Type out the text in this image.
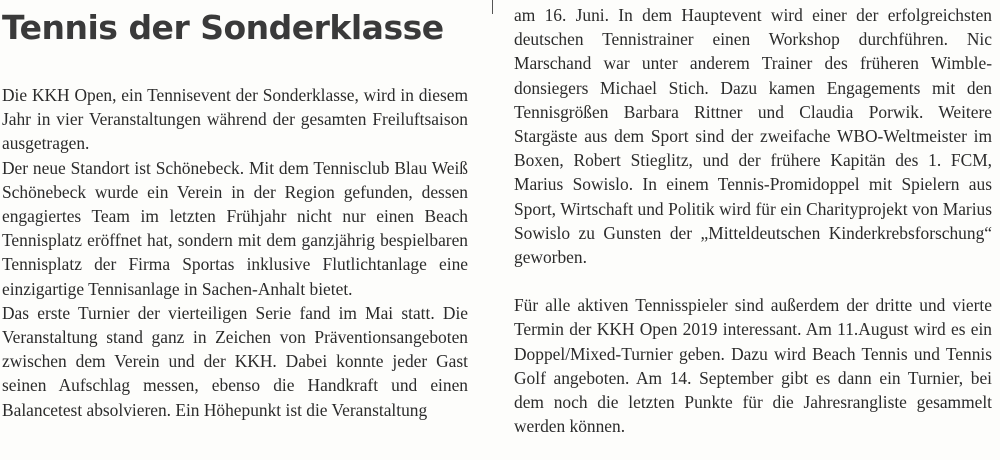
Tennis der Sonderklasse

Die KKH Open, ein Tennisevent der Sonderklasse, wird in diesem Jahr in vier Veranstaltungen während der gesamten Freiluftsaison ausgetragen.

Der neue Standort ist Schönebeck. Mit dem Tennisclub Blau Weiß Schönebeck wurde ein Verein in der Region gefunden, dessen engagiertes Team im letzten Frühjahr nicht nur einen Beach Tennisplatz eröffnet hat, sondern mit dem ganzjährig bespielbaren Tennisplatz der Firma Sportas inklusive Flutlichtanlage eine einzigartige Tennisanlage in Sachen-Anhalt bietet.

Das erste Turnier der vierteiligen Serie fand im Mai statt. Die Veranstaltung stand ganz in Zeichen von Präventionsangeboten zwischen dem Verein und der KKH. Dabei konnte jeder Gast seinen Aufschlag messen, ebenso die Handkraft und einen Balancetest absolvieren. Ein Höhepunkt ist die Veranstaltung

am 16. Juni. In dem Hauptevent wird einer der erfolgreichsten deutschen Tennistrainer einen Workshop durchführen. Nic Marschand war unter anderem Trainer des früheren Wimbledonsiegers Michael Stich. Dazu kamen Engagements mit den Tennisgrößen Barbara Rittner und Claudia Porwik. Weitere Stargäste aus dem Sport sind der zweifache WBO-Weltmeister im Boxen, Robert Stieglitz, und der frühere Kapitän des 1. FCM, Marius Sowislo. In einem Tennis-Promidoppel mit Spielern aus Sport, Wirtschaft und Politik wird für ein Charityprojekt von Marius Sowislo zu Gunsten der „Mitteldeutschen Kinderkrebsforschung“ geworben.

Für alle aktiven Tennisspieler sind außerdem der dritte und vierte Termin der KKH Open 2019 interessant. Am 11.August wird es ein Doppel/Mixed-Turnier geben. Dazu wird Beach Tennis und Tennis Golf angeboten. Am 14. September gibt es dann ein Turnier, bei dem noch die letzten Punkte für die Jahresrangliste gesammelt werden können.
